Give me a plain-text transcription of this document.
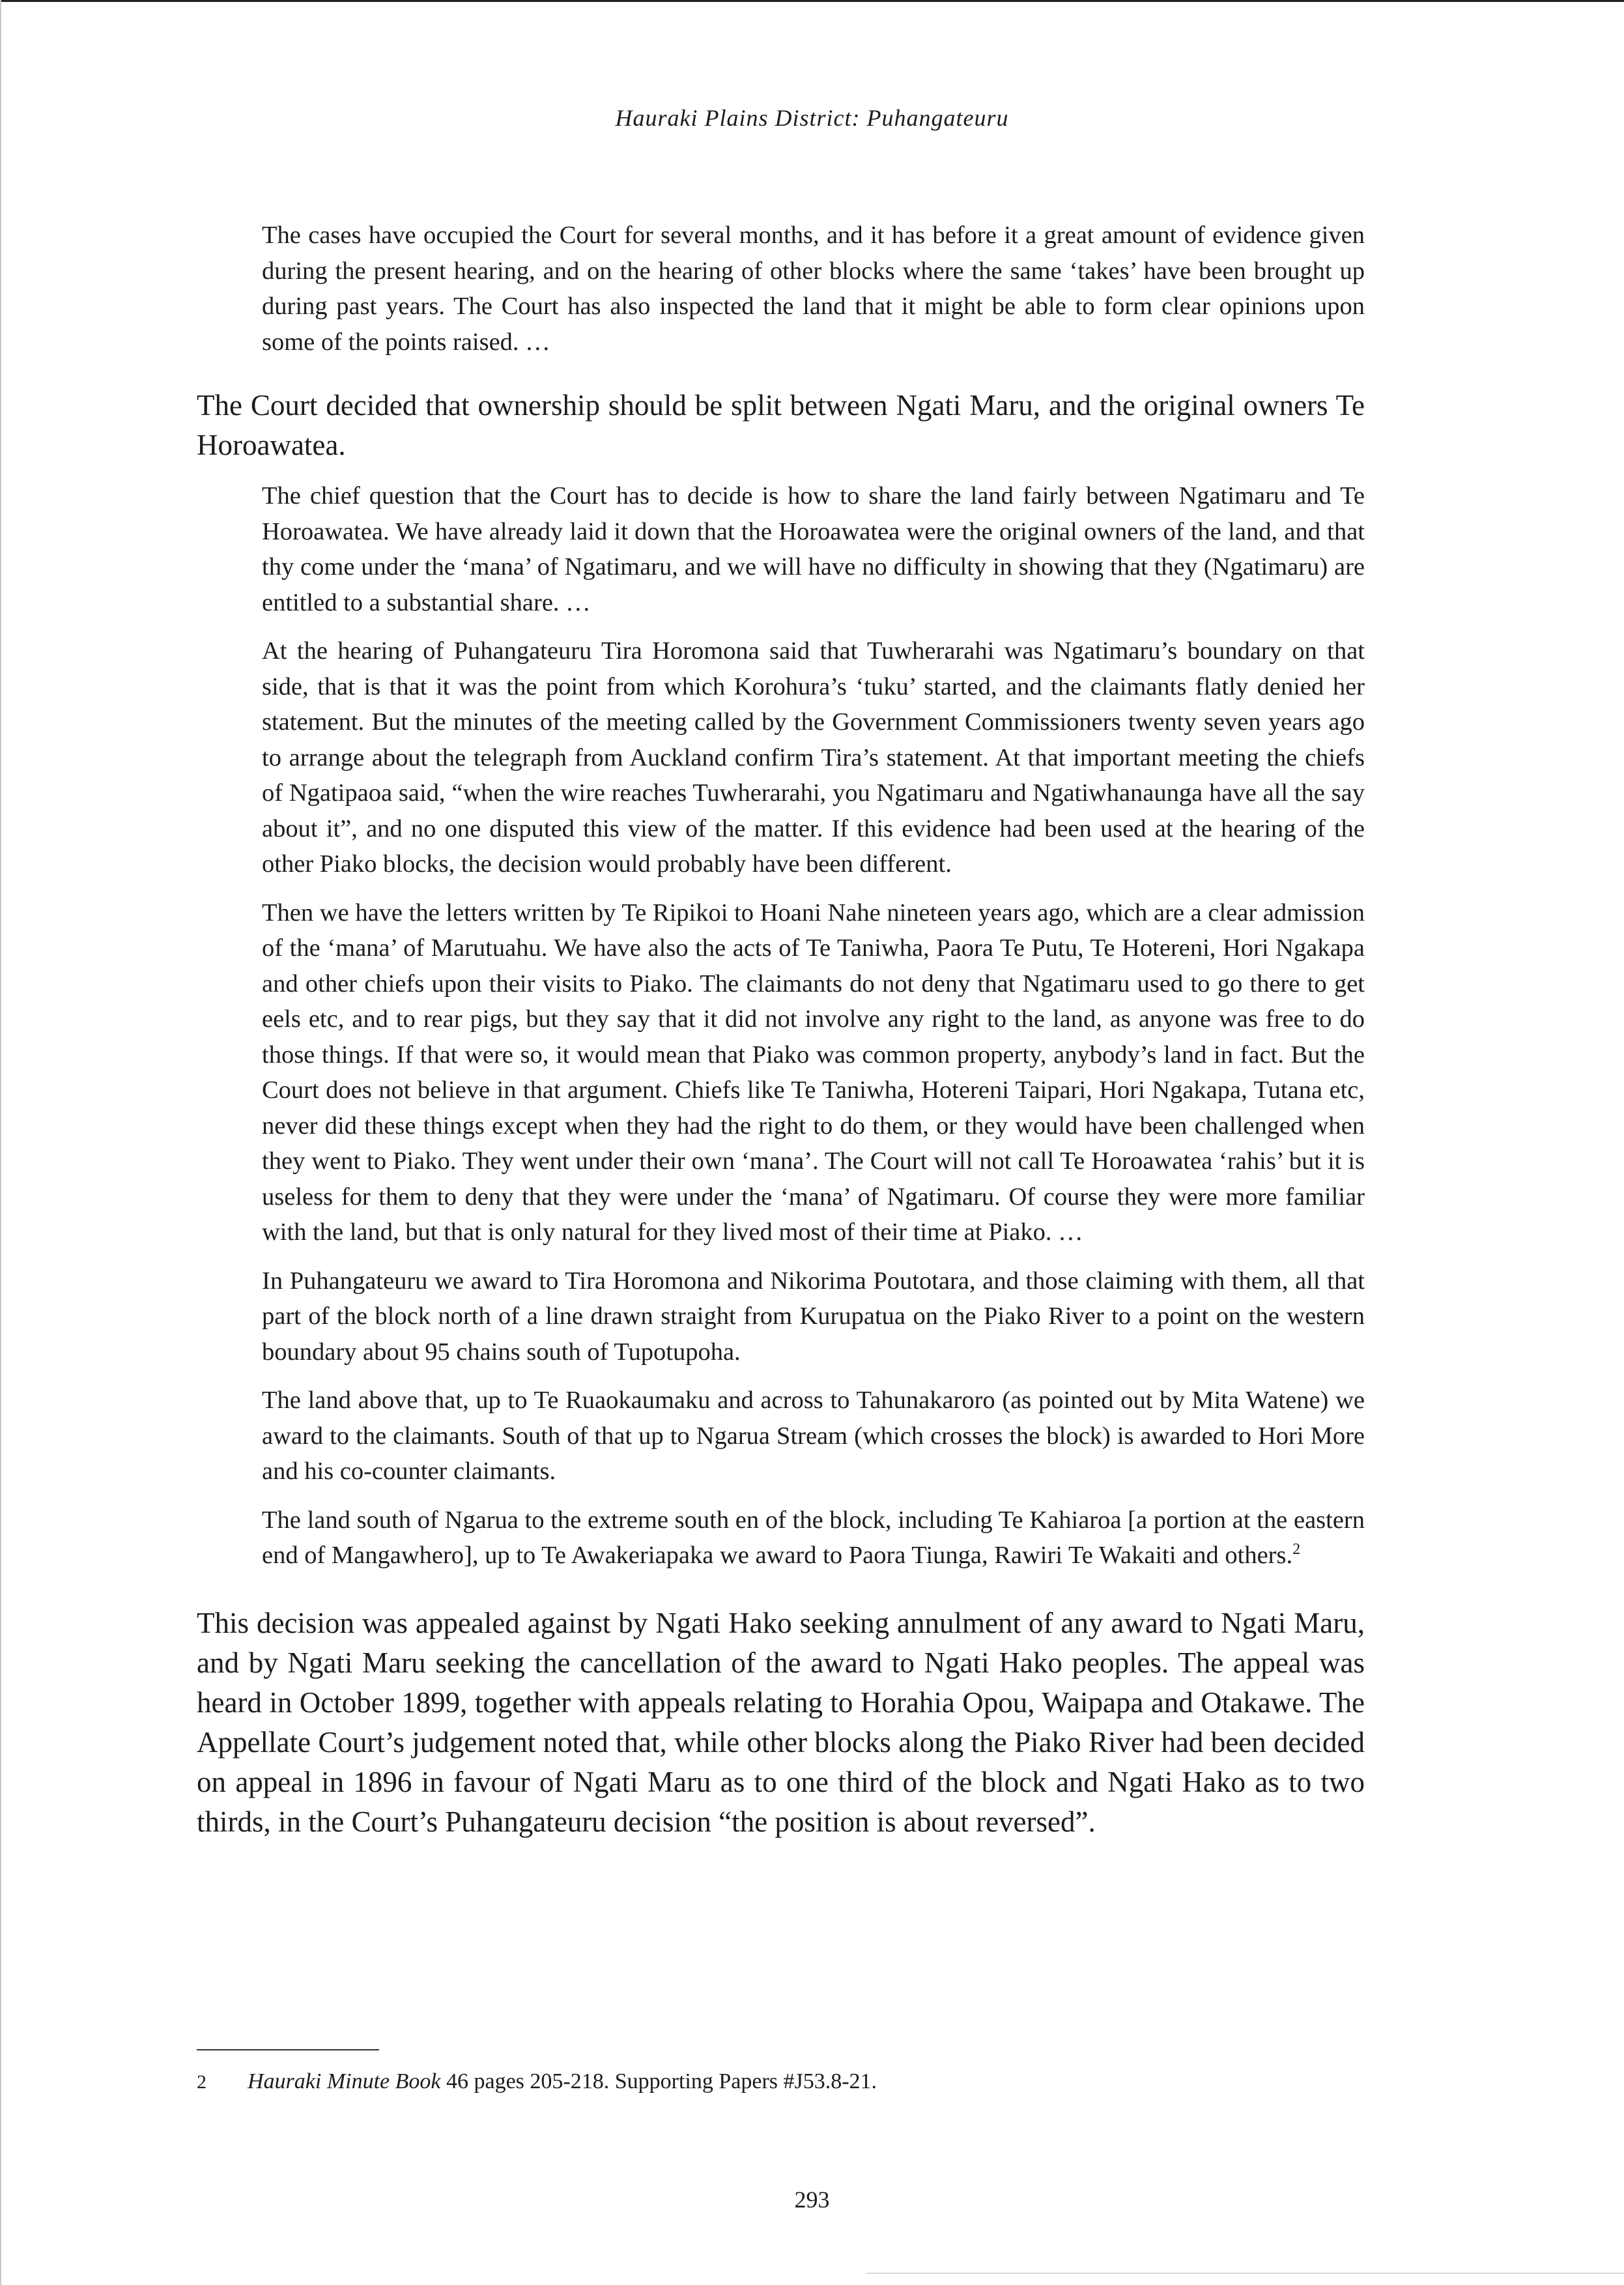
Hauraki Plains District: Puhangateuru

The cases have occupied the Court for several months, and it has before it a great amount of evidence given during the present hearing, and on the hearing of other blocks where the same ‘takes’ have been brought up during past years. The Court has also inspected the land that it might be able to form clear opinions upon some of the points raised. …

The Court decided that ownership should be split between Ngati Maru, and the original owners Te Horoawatea.

The chief question that the Court has to decide is how to share the land fairly between Ngatimaru and Te Horoawatea. We have already laid it down that the Horoawatea were the original owners of the land, and that thy come under the ‘mana’ of Ngatimaru, and we will have no difficulty in showing that they (Ngatimaru) are entitled to a substantial share. …

At the hearing of Puhangateuru Tira Horomona said that Tuwherarahi was Ngatimaru’s boundary on that side, that is that it was the point from which Korohura’s ‘tuku’ started, and the claimants flatly denied her statement. But the minutes of the meeting called by the Government Commissioners twenty seven years ago to arrange about the telegraph from Auckland confirm Tira’s statement. At that important meeting the chiefs of Ngatipaoa said, “when the wire reaches Tuwherarahi, you Ngatimaru and Ngatiwhanaunga have all the say about it”, and no one disputed this view of the matter. If this evidence had been used at the hearing of the other Piako blocks, the decision would probably have been different.

Then we have the letters written by Te Ripikoi to Hoani Nahe nineteen years ago, which are a clear admission of the ‘mana’ of Marutuahu. We have also the acts of Te Taniwha, Paora Te Putu, Te Hotereni, Hori Ngakapa and other chiefs upon their visits to Piako. The claimants do not deny that Ngatimaru used to go there to get eels etc, and to rear pigs, but they say that it did not involve any right to the land, as anyone was free to do those things. If that were so, it would mean that Piako was common property, anybody’s land in fact. But the Court does not believe in that argument. Chiefs like Te Taniwha, Hotereni Taipari, Hori Ngakapa, Tutana etc, never did these things except when they had the right to do them, or they would have been challenged when they went to Piako. They went under their own ‘mana’. The Court will not call Te Horoawatea ‘rahis’ but it is useless for them to deny that they were under the ‘mana’ of Ngatimaru. Of course they were more familiar with the land, but that is only natural for they lived most of their time at Piako. …

In Puhangateuru we award to Tira Horomona and Nikorima Poutotara, and those claiming with them, all that part of the block north of a line drawn straight from Kurupatua on the Piako River to a point on the western boundary about 95 chains south of Tupotupoha.

The land above that, up to Te Ruaokaumaku and across to Tahunakaroro (as pointed out by Mita Watene) we award to the claimants. South of that up to Ngarua Stream (which crosses the block) is awarded to Hori More and his co-counter claimants.

The land south of Ngarua to the extreme south en of the block, including Te Kahiaroa [a portion at the eastern end of Mangawhero], up to Te Awakeriapaka we award to Paora Tiunga, Rawiri Te Wakaiti and others.$^2$

This decision was appealed against by Ngati Hako seeking annulment of any award to Ngati Maru, and by Ngati Maru seeking the cancellation of the award to Ngati Hako peoples. The appeal was heard in October 1899, together with appeals relating to Horahia Opou, Waipapa and Otakawe. The Appellate Court’s judgement noted that, while other blocks along the Piako River had been decided on appeal in 1896 in favour of Ngati Maru as to one third of the block and Ngati Hako as to two thirds, in the Court’s Puhangateuru decision “the position is about reversed”.

2 Hauraki Minute Book 46 pages 205-218. Supporting Papers #J53.8-21.
293
